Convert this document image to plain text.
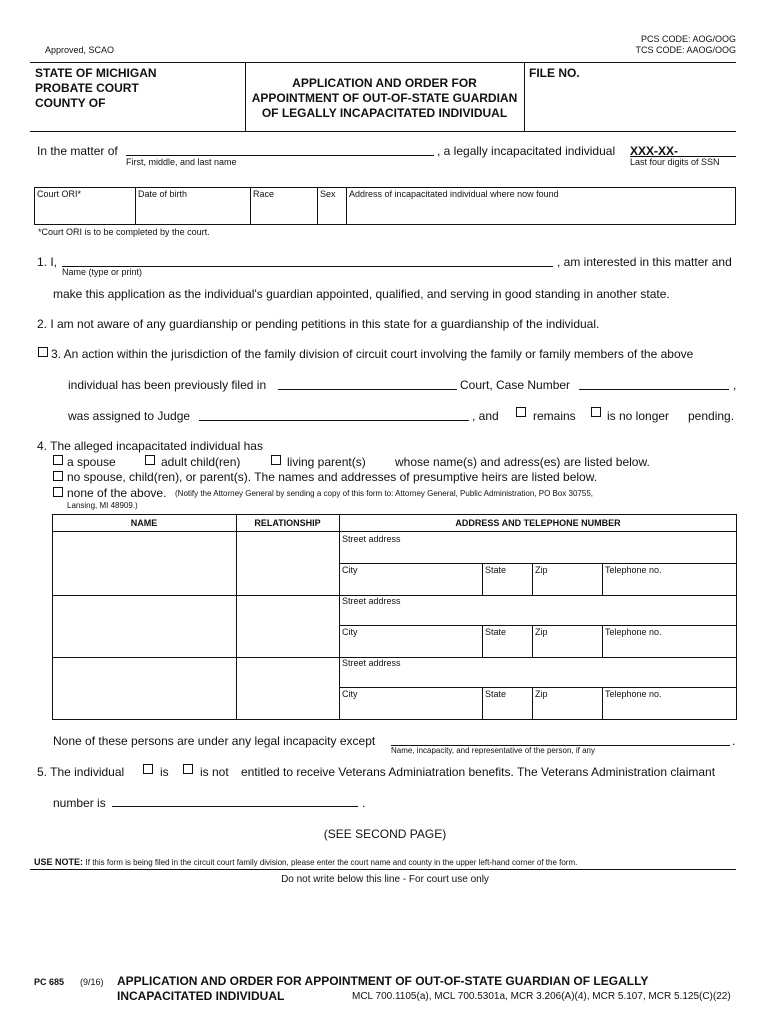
Approved, SCAO
PCS CODE: AOG/OOG
TCS CODE: AAOG/OOG
STATE OF MICHIGAN
PROBATE COURT
COUNTY OF
APPLICATION AND ORDER FOR
APPOINTMENT OF OUT-OF-STATE GUARDIAN
OF LEGALLY INCAPACITATED INDIVIDUAL
FILE NO.
In the matter of	, a legally incapacitated individual XXX-XX-
First, middle, and last name	Last four digits of SSN
Court ORI*	Date of birth	Race	Sex	Address of incapacitated individual where now found
*Court ORI is to be completed by the court.
1. I,	, am interested in this matter and
Name (type or print)
make this application as the individual's guardian appointed, qualified, and serving in good standing in another state.
2. I am not aware of any guardianship or pending petitions in this state for a guardianship of the individual.
3. An action within the jurisdiction of the family division of circuit court involving the family or family members of the above
individual has been previously filed in	Court, Case Number	,
was assigned to Judge	, and	remains	is no longer pending.
4. The alleged incapacitated individual has
a spouse	adult child(ren)	living parent(s) whose name(s) and adress(es) are listed below.
no spouse, child(ren), or parent(s). The names and addresses of presumptive heirs are listed below.
none of the above. (Notify the Attorney General by sending a copy of this form to: Attorney General, Public Administration, PO Box 30755,
Lansing, MI 48909.)
NAME	RELATIONSHIP	ADDRESS AND TELEPHONE NUMBER
Street address
City	State	Zip	Telephone no.
Street address
City	State	Zip	Telephone no.
Street address
City	State	Zip	Telephone no.
None of these persons are under any legal incapacity except	.
Name, incapacity, and representative of the person, if any
5. The individual	is	is not entitled to receive Veterans Adminiatration benefits. The Veterans Administration claimant
number is	.
(SEE SECOND PAGE)
USE NOTE: If this form is being filed in the circuit court family division, please enter the court name and county in the upper left-hand corner of the form.
Do not write below this line - For court use only
PC 685 (9/16) APPLICATION AND ORDER FOR APPOINTMENT OF OUT-OF-STATE GUARDIAN OF LEGALLY
INCAPACITATED INDIVIDUAL	MCL 700.1105(a), MCL 700.5301a, MCR 3.206(A)(4), MCR 5.107, MCR 5.125(C)(22)
